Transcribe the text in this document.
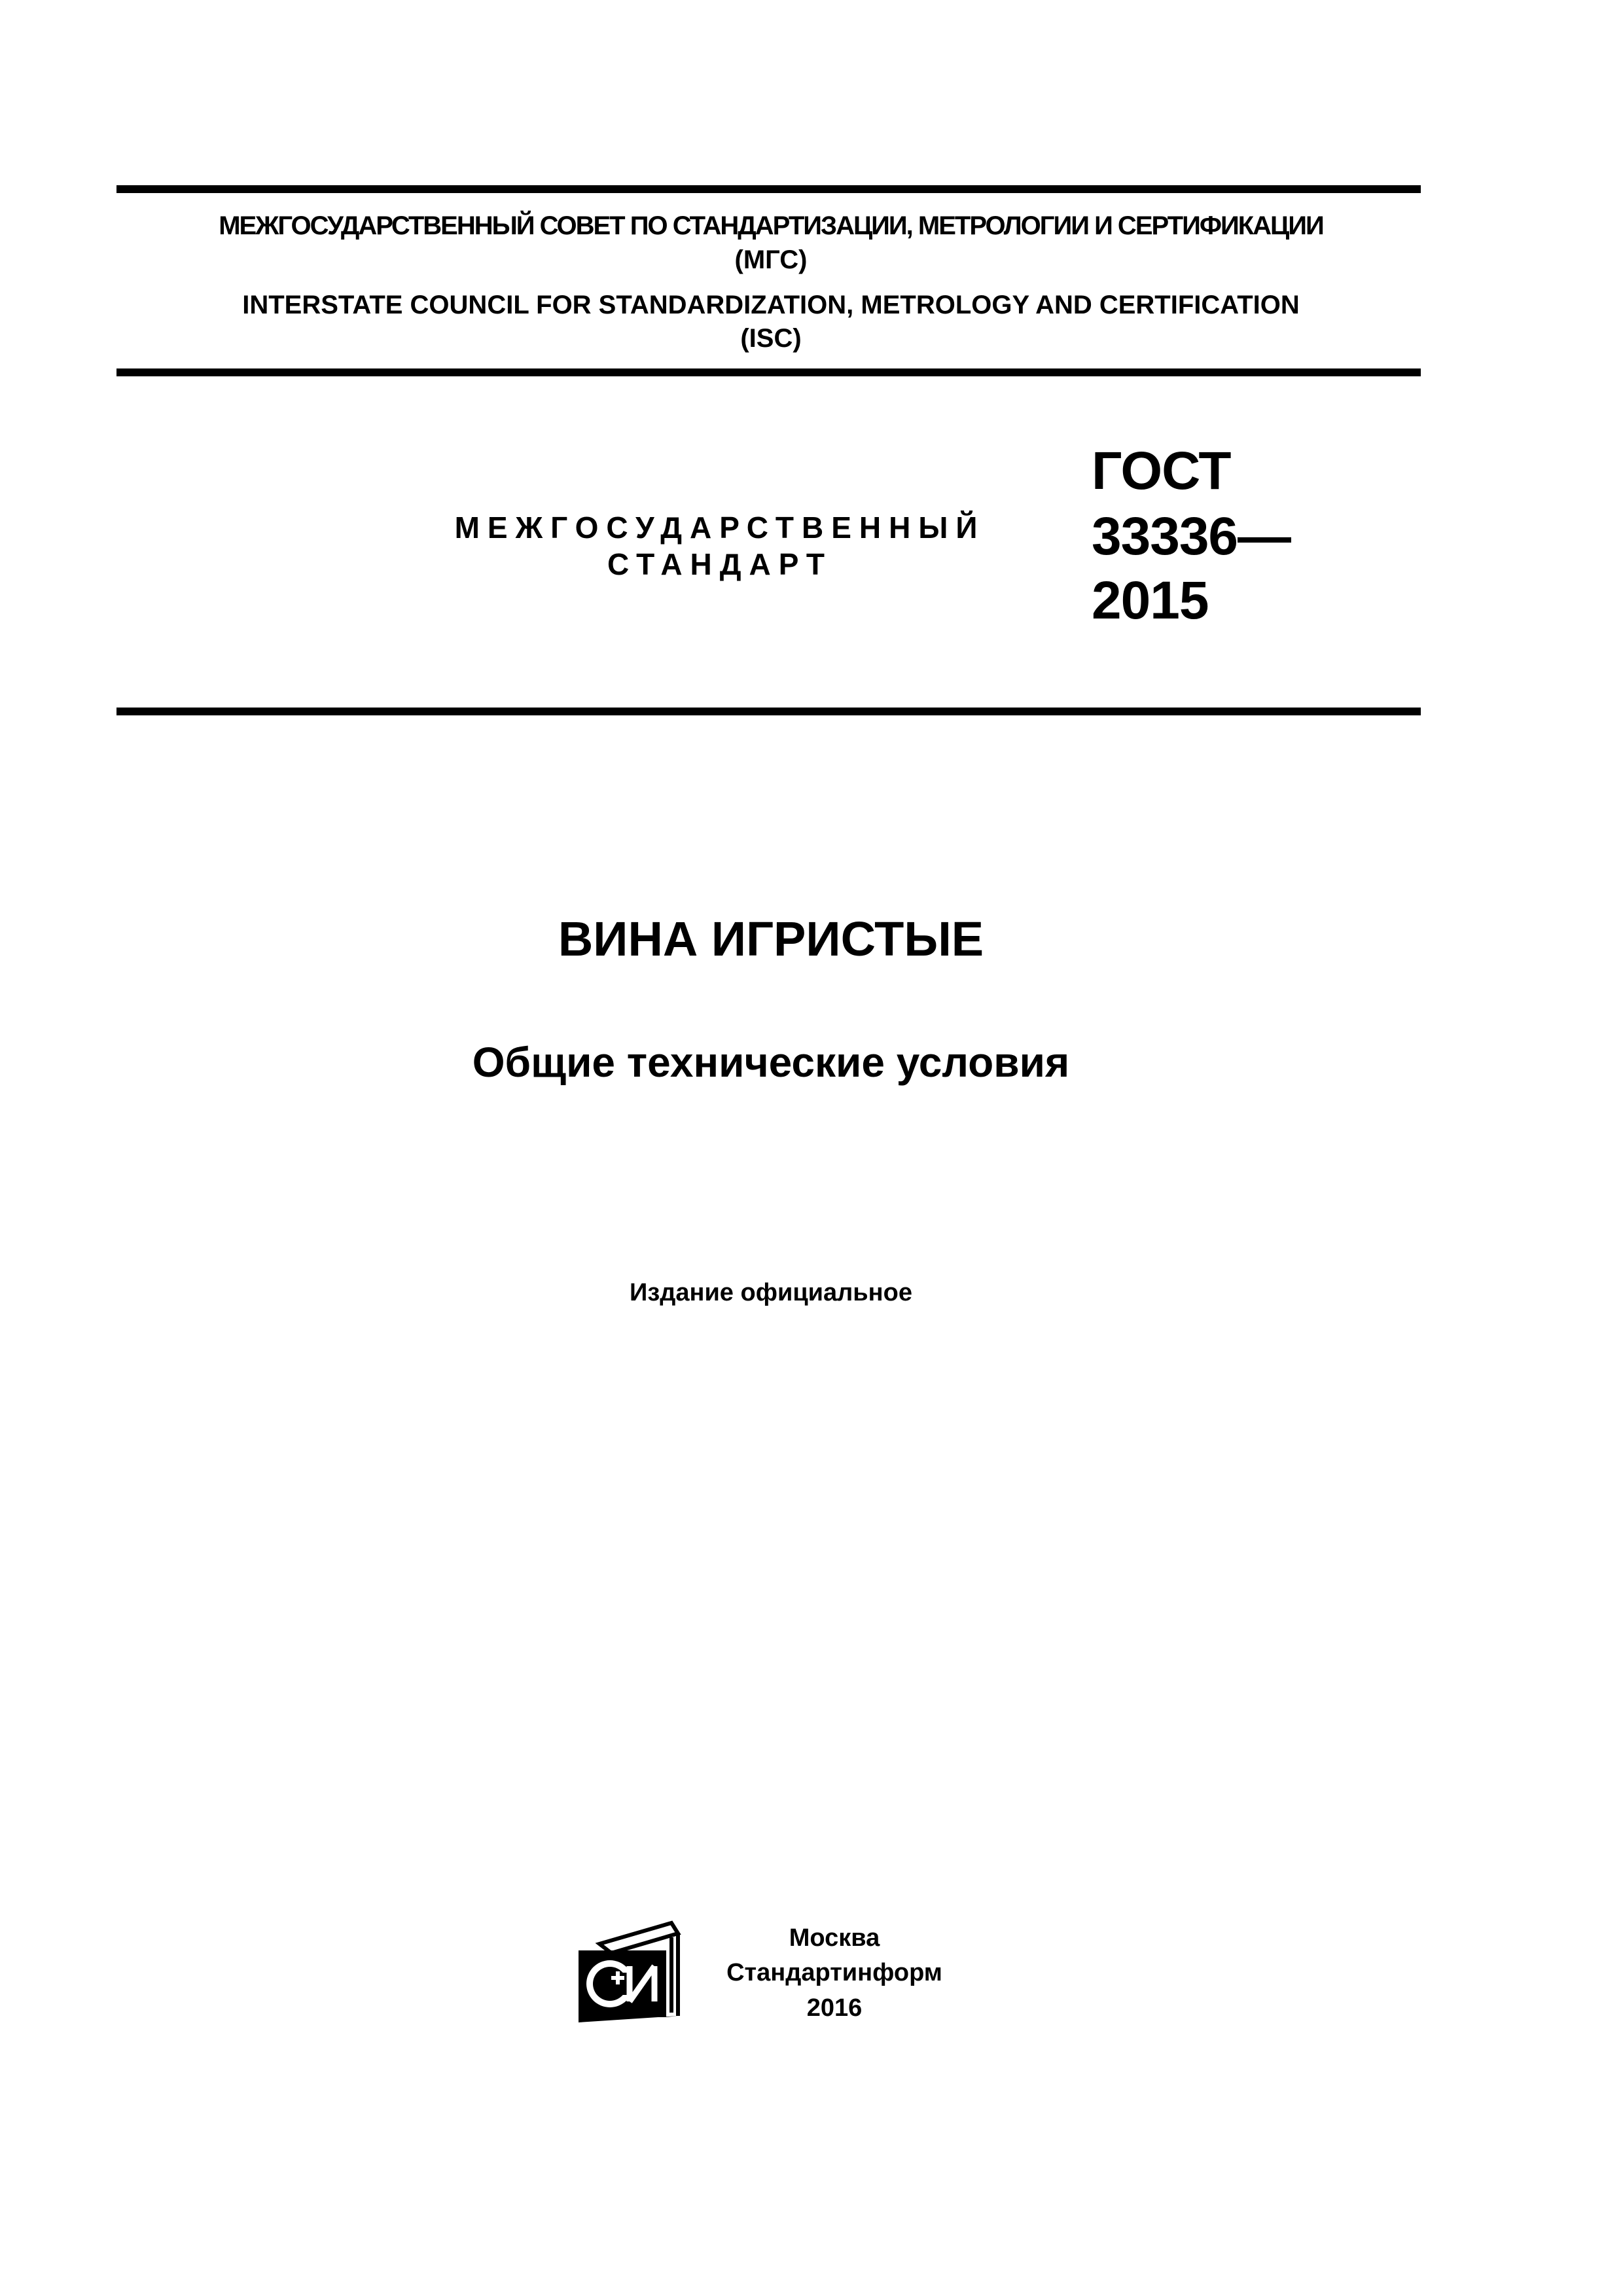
МЕЖГОСУДАРСТВЕННЫЙ СОВЕТ ПО СТАНДАРТИЗАЦИИ, МЕТРОЛОГИИ И СЕРТИФИКАЦИИ
(МГС)
INTERSTATE COUNCIL FOR STANDARDIZATION, METROLOGY AND CERTIFICATION
(ISC)
МЕЖГОСУДАРСТВЕННЫЙ
СТАНДАРТ
ГОСТ
33336—
2015
ВИНА ИГРИСТЫЕ
Общие технические условия
Издание официальное
Москва
Стандартинформ
2016
